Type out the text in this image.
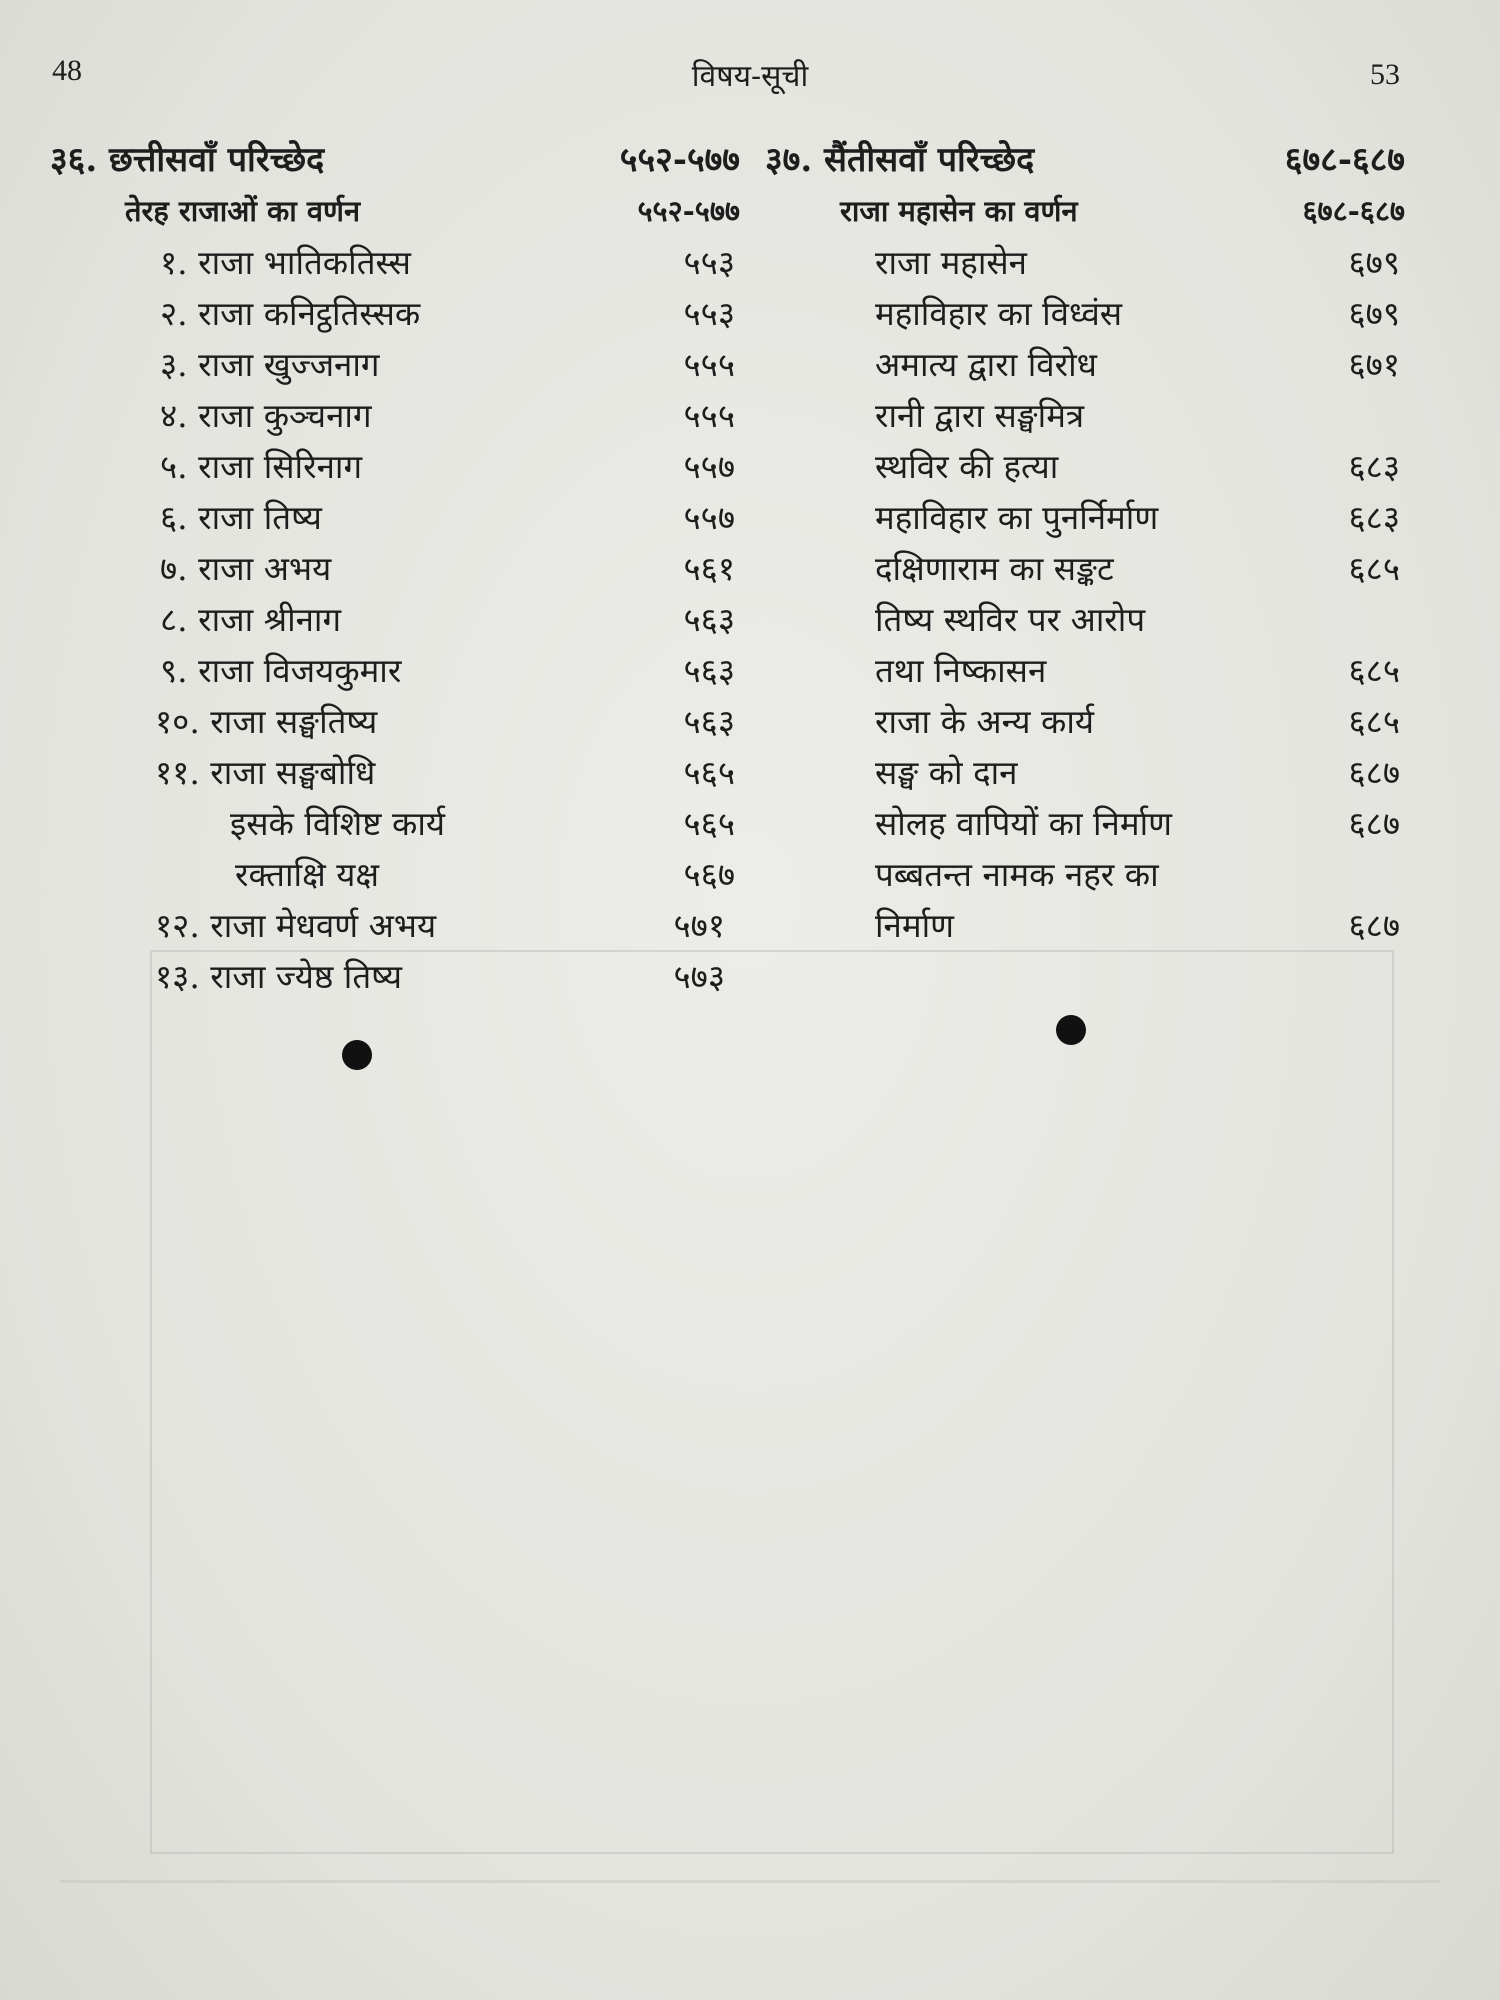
48	विषय-सूची	53
३६. छत्तीसवाँ परिच्छेद	५५२-५७७
तेरह राजाओं का वर्णन	५५२-५७७
१. राजा भातिकतिस्स	५५३
२. राजा कनिट्ठतिस्सक	५५३
३. राजा खुज्जनाग	५५५
४. राजा कुञ्चनाग	५५५
५. राजा सिरिनाग	५५७
६. राजा तिष्य	५५७
७. राजा अभय	५६१
८. राजा श्रीनाग	५६३
९. राजा विजयकुमार	५६३
१०. राजा सङ्घतिष्य	५६३
११. राजा सङ्घबोधि	५६५
इसके विशिष्ट कार्य	५६५
रक्ताक्षि यक्ष	५६७
१२. राजा मेधवर्ण अभय	५७१
१३. राजा ज्येष्ठ तिष्य	५७३
३७. सैंतीसवाँ परिच्छेद	६७८-६८७
राजा महासेन का वर्णन	६७८-६८७
राजा महासेन	६७९
महाविहार का विध्वंस	६७९
अमात्य द्वारा विरोध	६७१
रानी द्वारा सङ्घमित्र
स्थविर की हत्या	६८३
महाविहार का पुनर्निर्माण	६८३
दक्षिणाराम का सङ्कट	६८५
तिष्य स्थविर पर आरोप
तथा निष्कासन	६८५
राजा के अन्य कार्य	६८५
सङ्घ को दान	६८७
सोलह वापियों का निर्माण	६८७
पब्बतन्त नामक नहर का
निर्माण	६८७
